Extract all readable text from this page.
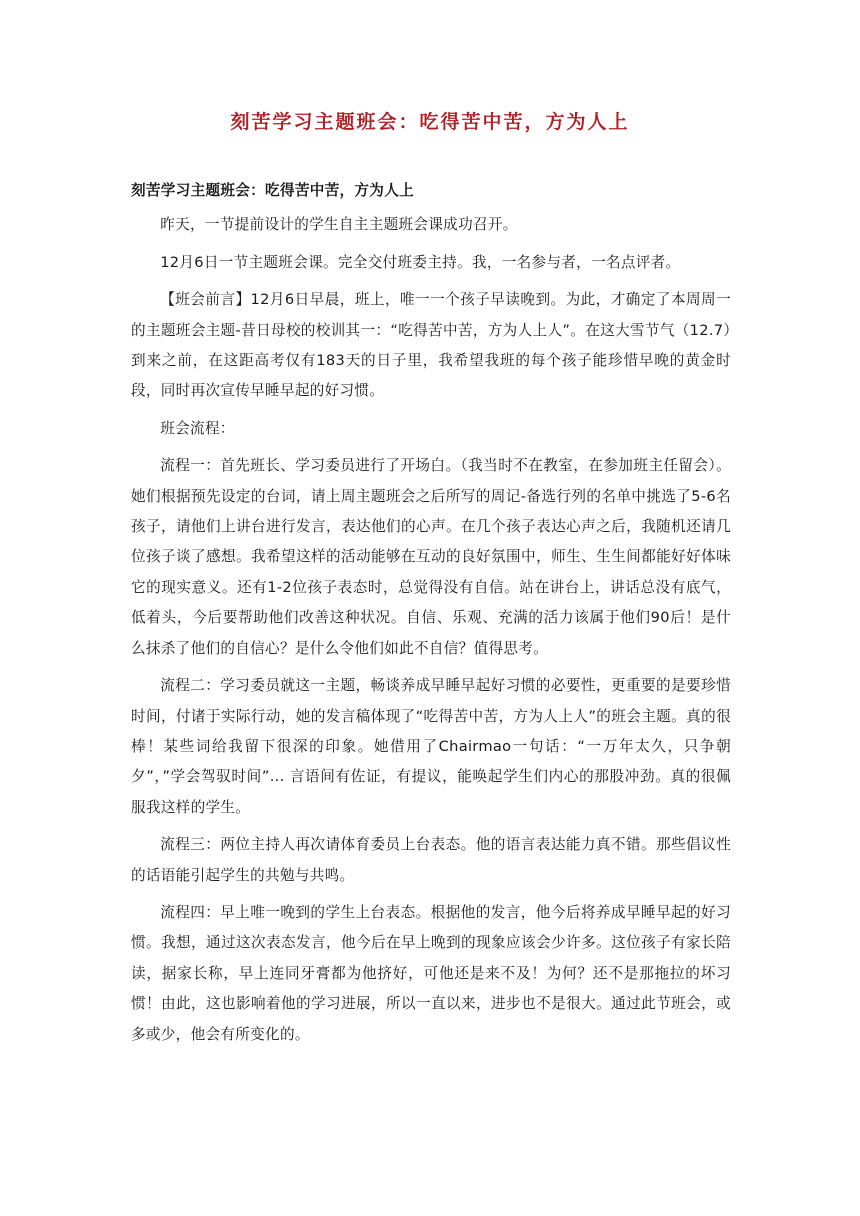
刻苦学习主题班会：吃得苦中苦，方为人上

刻苦学习主题班会：吃得苦中苦，方为人上

昨天，一节提前设计的学生自主主题班会课成功召开。

12月6日一节主题班会课。完全交付班委主持。我，一名参与者，一名点评者。

【班会前言】12月6日早晨，班上，唯一一个孩子早读晚到。为此，才确定了本周周一的主题班会主题-昔日母校的校训其一：“吃得苦中苦，方为人上人”。在这大雪节气（12.7）到来之前，在这距高考仅有183天的日子里，我希望我班的每个孩子能珍惜早晚的黄金时段，同时再次宣传早睡早起的好习惯。

班会流程：

流程一：首先班长、学习委员进行了开场白。（我当时不在教室，在参加班主任留会）。她们根据预先设定的台词，请上周主题班会之后所写的周记-备选行列的名单中挑选了5-6名孩子，请他们上讲台进行发言，表达他们的心声。在几个孩子表达心声之后，我随机还请几位孩子谈了感想。我希望这样的活动能够在互动的良好氛围中，师生、生生间都能好好体味它的现实意义。还有1-2位孩子表态时，总觉得没有自信。站在讲台上，讲话总没有底气，低着头，今后要帮助他们改善这种状况。自信、乐观、充满的活力该属于他们90后！是什么抹杀了他们的自信心？是什么令他们如此不自信？值得思考。

流程二：学习委员就这一主题，畅谈养成早睡早起好习惯的必要性，更重要的是要珍惜时间，付诸于实际行动，她的发言稿体现了“吃得苦中苦，方为人上人”的班会主题。真的很棒！某些词给我留下很深的印象。她借用了Chairmao一句话：“一万年太久，只争朝夕”，”学会驾驭时间”... 言语间有佐证，有提议，能唤起学生们内心的那股冲劲。真的很佩服我这样的学生。

流程三：两位主持人再次请体育委员上台表态。他的语言表达能力真不错。那些倡议性的话语能引起学生的共勉与共鸣。

流程四：早上唯一晚到的学生上台表态。根据他的发言，他今后将养成早睡早起的好习惯。我想，通过这次表态发言，他今后在早上晚到的现象应该会少许多。这位孩子有家长陪读，据家长称，早上连同牙膏都为他挤好，可他还是来不及！为何？还不是那拖拉的坏习惯！由此，这也影响着他的学习进展，所以一直以来，进步也不是很大。通过此节班会，或多或少，他会有所变化的。
